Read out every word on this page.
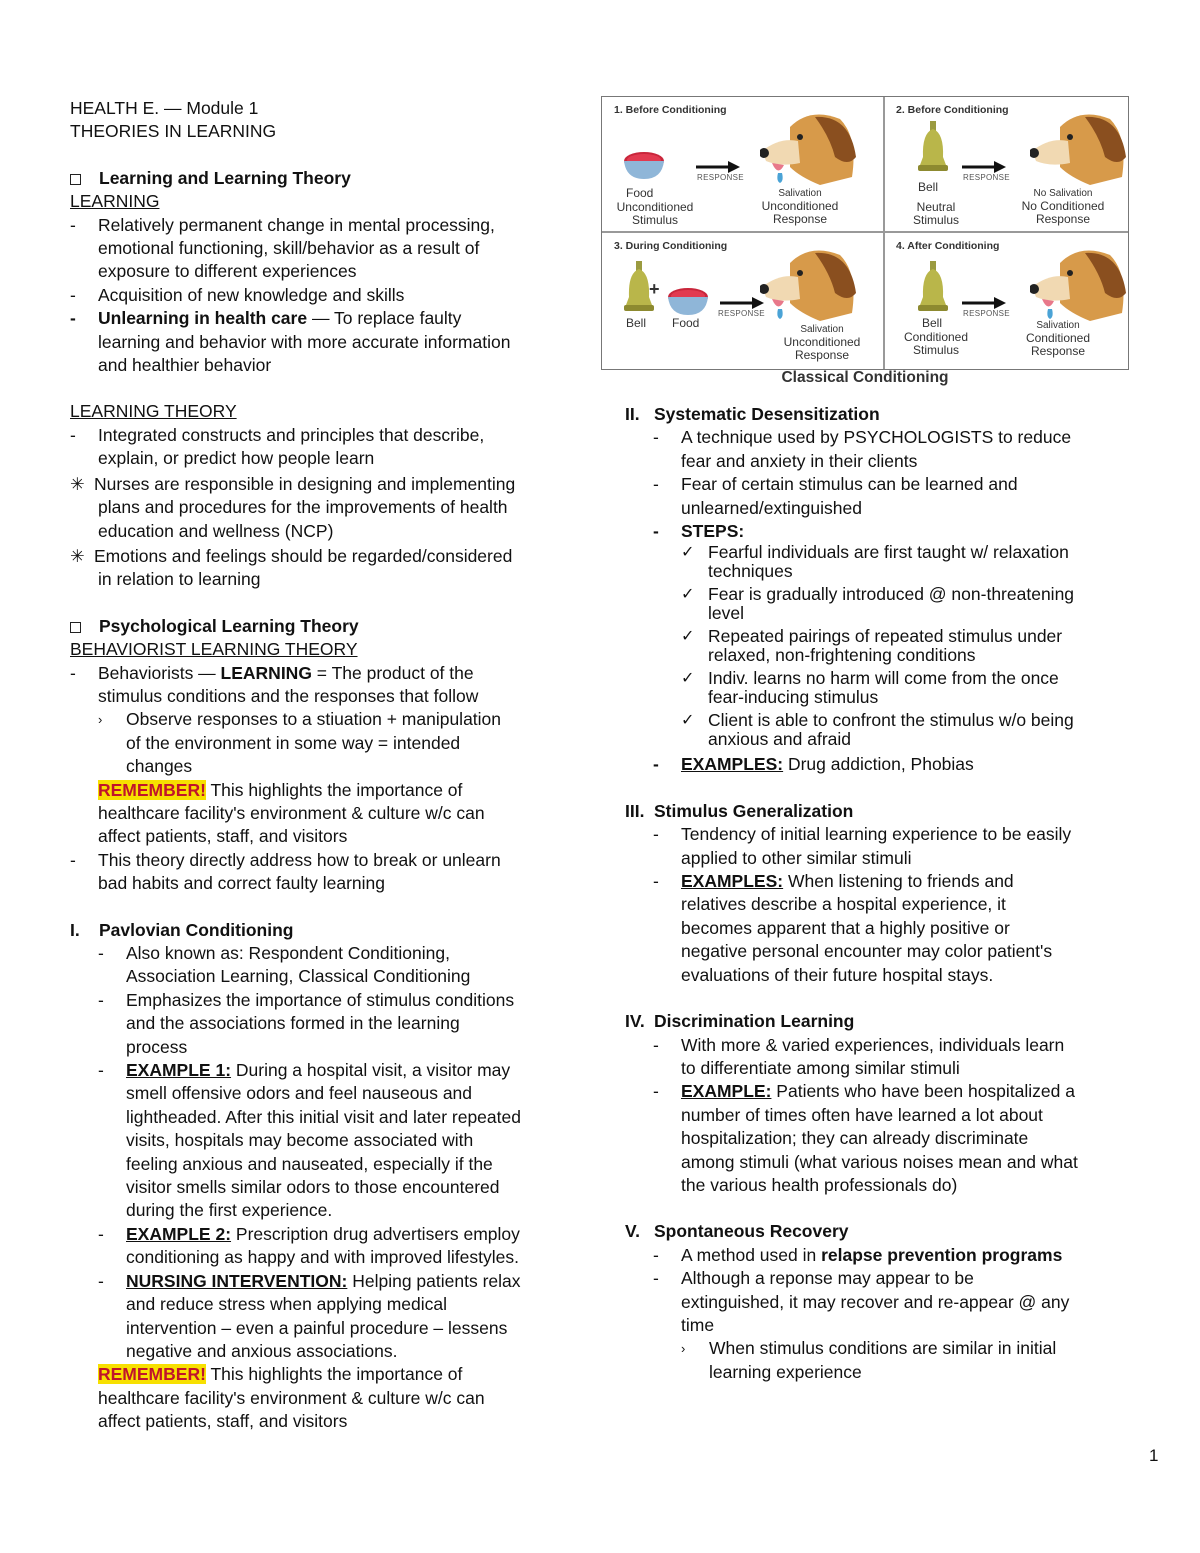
HEALTH E. — Module 1
THEORIES IN LEARNING
Learning and Learning Theory
LEARNING
- Relatively permanent change in mental processing,
emotional functioning, skill/behavior as a result of
exposure to different experiences
- Acquisition of new knowledge and skills
- Unlearning in health care — To replace faulty
learning and behavior with more accurate information
and healthier behavior
LEARNING THEORY
- Integrated constructs and principles that describe,
explain, or predict how people learn
✳ Nurses are responsible in designing and implementing
plans and procedures for the improvements of health
education and wellness (NCP)
✳ Emotions and feelings should be regarded/considered
in relation to learning
Psychological Learning Theory
BEHAVIORIST LEARNING THEORY
- Behaviorists — LEARNING = The product of the
stimulus conditions and the responses that follow
› Observe responses to a stiuation + manipulation
of the environment in some way = intended
changes
REMEMBER! This highlights the importance of
healthcare facility's environment & culture w/c can
affect patients, staff, and visitors
- This theory directly address how to break or unlearn
bad habits and correct faulty learning
I. Pavlovian Conditioning
- Also known as: Respondent Conditioning,
Association Learning, Classical Conditioning
- Emphasizes the importance of stimulus conditions
and the associations formed in the learning
process
- EXAMPLE 1: During a hospital visit, a visitor may
smell offensive odors and feel nauseous and
lightheaded. After this initial visit and later repeated
visits, hospitals may become associated with
feeling anxious and nauseated, especially if the
visitor smells similar odors to those encountered
during the first experience.
- EXAMPLE 2: Prescription drug advertisers employ
conditioning as happy and with improved lifestyles.
- NURSING INTERVENTION: Helping patients relax
and reduce stress when applying medical
intervention – even a painful procedure – lessens
negative and anxious associations.
REMEMBER! This highlights the importance of
healthcare facility's environment & culture w/c can
affect patients, staff, and visitors
1. Before Conditioning
RESPONSE
Food
Unconditioned
Stimulus
Salivation
Unconditioned
Response
2. Before Conditioning
RESPONSE
Bell
Neutral
Stimulus
No Salivation
No Conditioned
Response
3. During Conditioning
+
RESPONSE
Bell Food	Salivation
Unconditioned
Response
4. After Conditioning
RESPONSE
Bell
Conditioned
Stimulus
Salivation
Conditioned
Response
Classical Conditioning
II. Systematic Desensitization
- A technique used by PSYCHOLOGISTS to reduce
fear and anxiety in their clients
- Fear of certain stimulus can be learned and
unlearned/extinguished
- STEPS:
✓ Fearful individuals are first taught w/ relaxation
techniques
✓ Fear is gradually introduced @ non-threatening
level
✓ Repeated pairings of repeated stimulus under
relaxed, non-frightening conditions
✓ Indiv. learns no harm will come from the once
fear-inducing stimulus
✓ Client is able to confront the stimulus w/o being
anxious and afraid
- EXAMPLES: Drug addiction, Phobias
III. Stimulus Generalization
- Tendency of initial learning experience to be easily
applied to other similar stimuli
- EXAMPLES: When listening to friends and
relatives describe a hospital experience, it
becomes apparent that a highly positive or
negative personal encounter may color patient's
evaluations of their future hospital stays.
IV. Discrimination Learning
- With more & varied experiences, individuals learn
to differentiate among similar stimuli
- EXAMPLE: Patients who have been hospitalized a
number of times often have learned a lot about
hospitalization; they can already discriminate
among stimuli (what various noises mean and what
the various health professionals do)
V. Spontaneous Recovery
- A method used in relapse prevention programs
- Although a reponse may appear to be
extinguished, it may recover and re-appear @ any
time
› When stimulus conditions are similar in initial
learning experience
1
